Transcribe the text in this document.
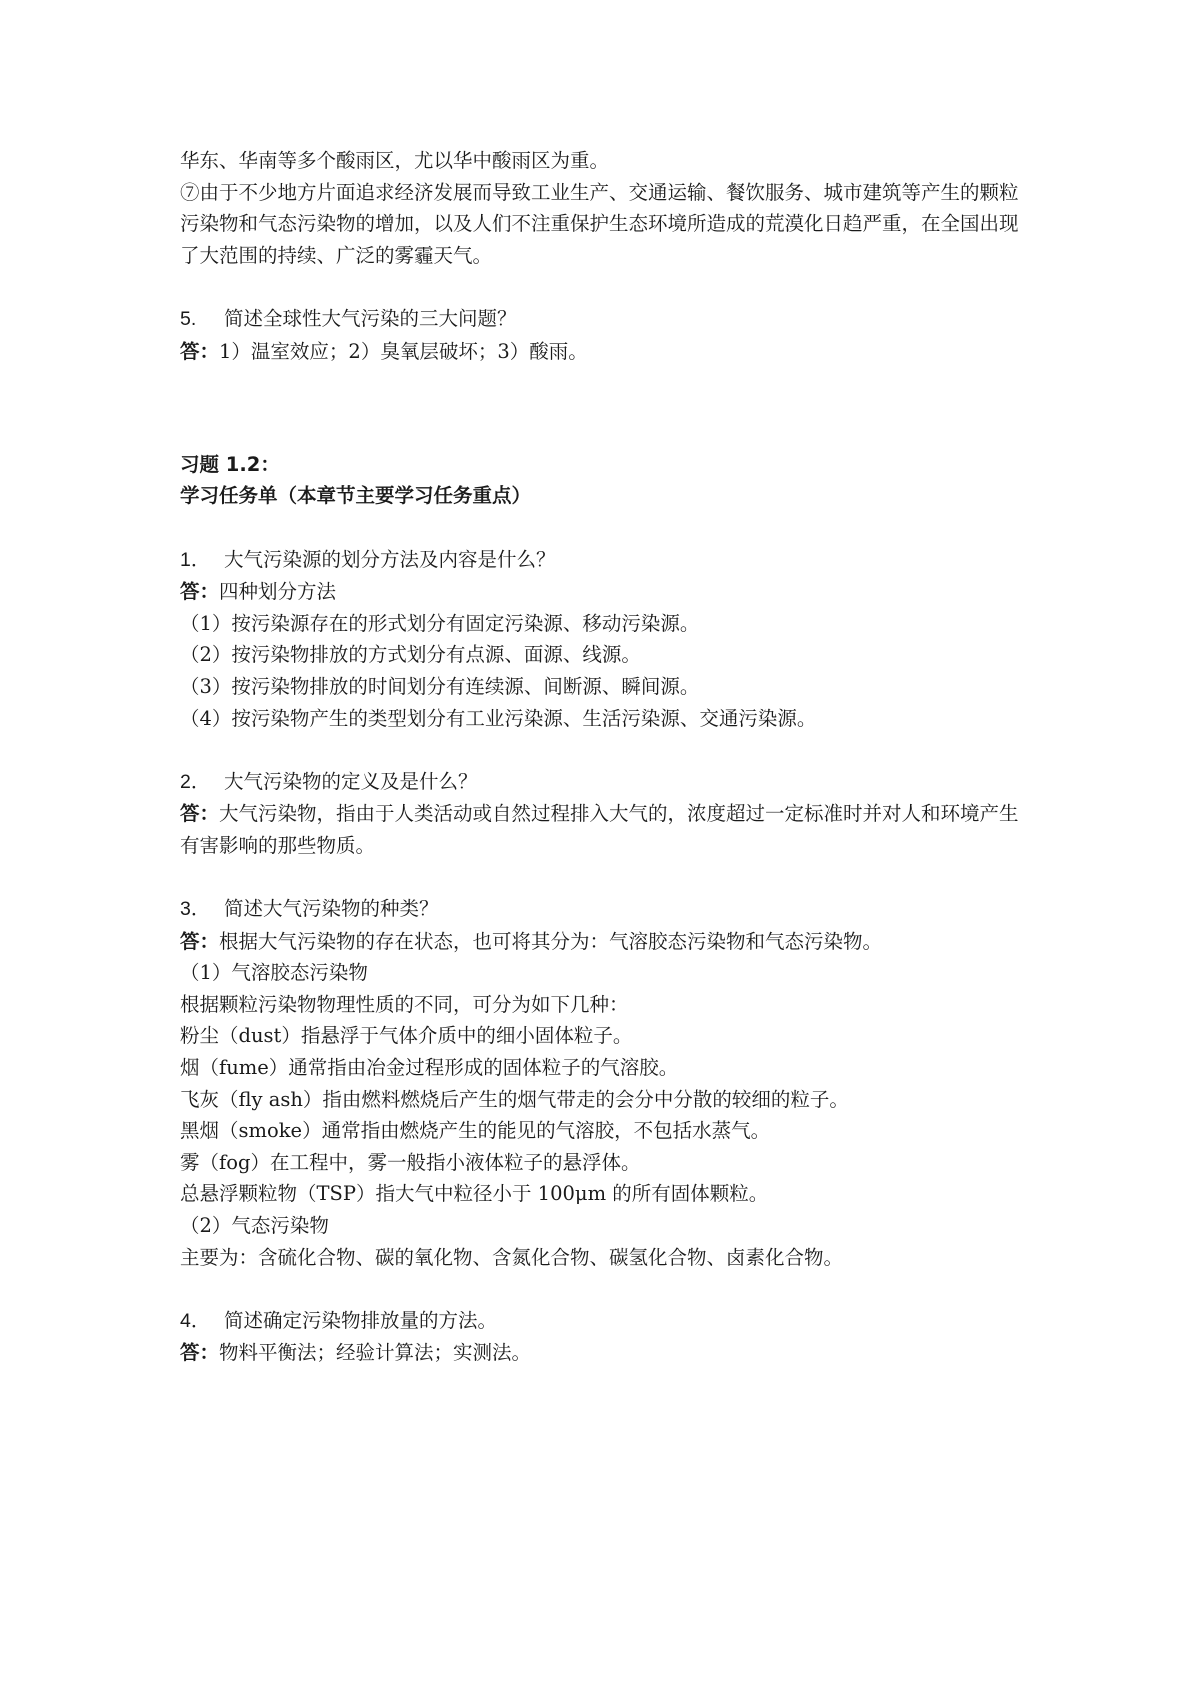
华东、华南等多个酸雨区，尤以华中酸雨区为重。
⑦由于不少地方片面追求经济发展而导致工业生产、交通运输、餐饮服务、城市建筑等产生的颗粒污染物和气态污染物的增加，以及人们不注重保护生态环境所造成的荒漠化日趋严重，在全国出现了大范围的持续、广泛的雾霾天气。
5. 简述全球性大气污染的三大问题？
答：1）温室效应；2）臭氧层破坏；3）酸雨。
习题 1.2：
学习任务单（本章节主要学习任务重点）
1． 大气污染源的划分方法及内容是什么？
答：四种划分方法
（1）按污染源存在的形式划分有固定污染源、移动污染源。
（2）按污染物排放的方式划分有点源、面源、线源。
（3）按污染物排放的时间划分有连续源、间断源、瞬间源。
（4）按污染物产生的类型划分有工业污染源、生活污染源、交通污染源。
2． 大气污染物的定义及是什么？
答：大气污染物，指由于人类活动或自然过程排入大气的，浓度超过一定标准时并对人和环境产生有害影响的那些物质。
3． 简述大气污染物的种类？
答：根据大气污染物的存在状态，也可将其分为：气溶胶态污染物和气态污染物。
（1）气溶胶态污染物
根据颗粒污染物物理性质的不同，可分为如下几种：
粉尘（dust）指悬浮于气体介质中的细小固体粒子。
烟（fume）通常指由冶金过程形成的固体粒子的气溶胶。
飞灰（fly ash）指由燃料燃烧后产生的烟气带走的会分中分散的较细的粒子。
黑烟（smoke）通常指由燃烧产生的能见的气溶胶，不包括水蒸气。
雾（fog）在工程中，雾一般指小液体粒子的悬浮体。
总悬浮颗粒物（TSP）指大气中粒径小于 100μm 的所有固体颗粒。
（2）气态污染物
主要为：含硫化合物、碳的氧化物、含氮化合物、碳氢化合物、卤素化合物。
4． 简述确定污染物排放量的方法。
答：物料平衡法；经验计算法；实测法。
